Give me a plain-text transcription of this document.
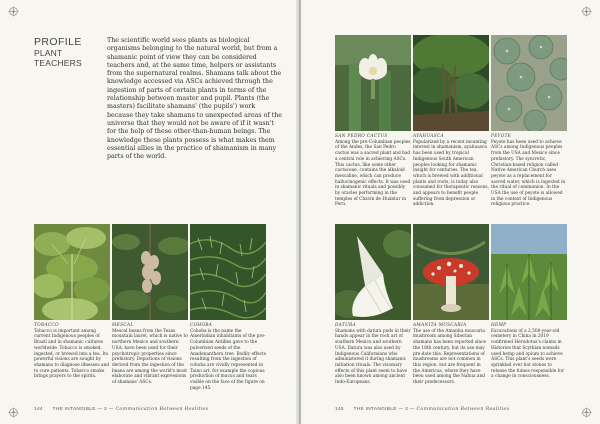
PROFILE
PLANT TEACHERS

The scientific world sees plants as biological organisms belonging to the natural world, but from a shamanic point of view they can be considered teachers and, at the same time, helpers or assistants from the supernatural realms. Shamans talk about the knowledge accessed via ASCs achieved through the ingestion of parts of certain plants in terms of the relationship between master and pupil. Plants (the masters) facilitate shamans' (the pupils') work because they take shamans to unexpected areas of the universe that they would not be aware of if it wasn't for the help of these other-than-human beings. The knowledge these plants possess is what makes them essential allies in the practice of shamanism in many parts of the world.

TOBACCO
Tobacco is important among current Indigenous peoples of Brazil and in shamanic cultures worldwide. Tobacco is smoked, ingested, or brewed into a tea. Its powerful visions are sought by shamans to diagnose illnesses and to cure patients. Tobacco smoke brings prayers to the spirits.
MESCAL
Mescal beans from the Texas mountain laurel, which is native to northern Mexico and southern USA, have been used for their psychotropic properties since prehistory. Depictions of visions derived from the ingestion of the beans are among the world's most elaborate and vibrant expressions of shamans' ASCs.
COHOBA
Cohoba is the name the Amerindian inhabitants of the pre-Columbian Antilles gave to the pulverized seeds of the Anadenanthera tree. Bodily effects resulting from the ingestion of cohoba are vividly represented in Taino art, for example the copious production of mucus and tears visible on the face of the figure on page 145.
144 THE INTANGIBLE — 2 — Communication Between Realities
SAN PEDRO CACTUS
Among the pre-Columbian peoples of the Andes, the San Pedro cactus was a sacred plant and had a central role in achieving ASCs. This cactus, like some other cactaceae, contains the alkaloid mescaline, which can produce hallucinogenic effects. It was used in shamanic rituals and possibly by oracles performing in the temples of Chavín de Huántar in Peru.
AYAHUASCA
Popularized by a recent mounting interest in shamanism, ayahuasca has been used by tropical Indigenous South American peoples looking for shamanic insight for centuries. The tea, which is brewed with additional plants and roots, is today also consumed for therapeutic reasons, and appears to benefit people suffering from depression or addiction.
PEYOTE
Peyote has been used to achieve ASCs among Indigenous peoples from the USA and Mexico since prehistory. The syncretic, Christian-based religion called Native American Church uses peyote as a replacement for sacred water, which is ingested in the ritual of communion. In the USA the use of peyote is allowed in the context of Indigenous religious practice.
DATURA
Shamans with datura pods in their hands appear in the rock art of southern Mexico and southern USA. Datura was also used by Indigenous Californians who administered it during shamanic initiation rituals. The visionary effects of this plant seem to have also been known among ancient Indo-Europeans.
AMANITA MUSCARIA
The use of the Amanita muscaria mushroom among Siberian shamans has been reported since the 18th century, but its use may pre-date this. Representations of mushrooms are not common in this region, but are frequent in the Americas, where they have been used among the Nahua and their predecessors.
HEMP
Excavations of a 2,500-year-old cemetery in China in 2019 confirmed Herodotus's claims in Histories that Scythian nomads used hemp and opium to achieve ASCs. This plant's seeds were sprinkled over hot stones to release the fumes responsible for a change in consciousness.
145 THE INTANGIBLE — 2 — Communication Between Realities
